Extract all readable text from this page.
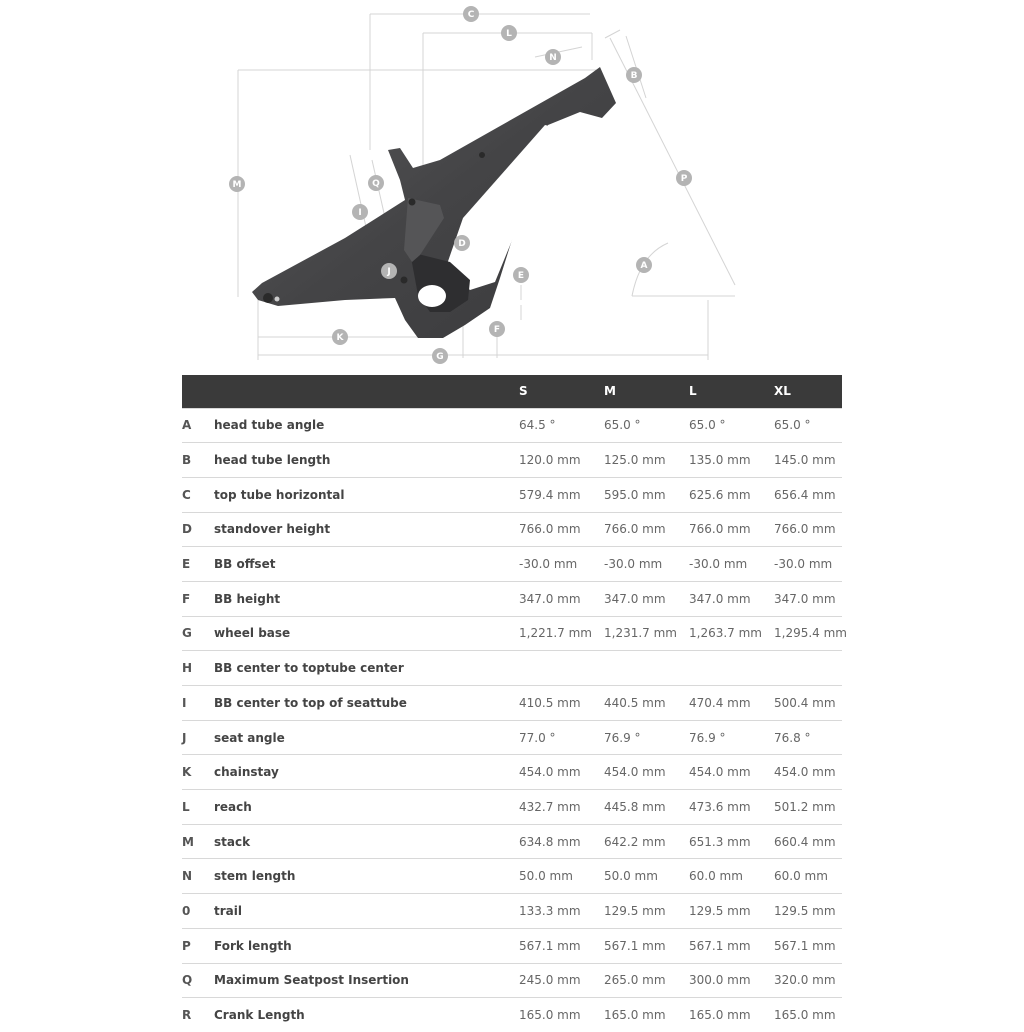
C
L
N
B
M	Q	P
I
D
A
J	E
F
K
G
		S	M	L	XL
A	head tube angle	64.5 °	65.0 °	65.0 °	65.0 °
B	head tube length	120.0 mm	125.0 mm	135.0 mm	145.0 mm
C	top tube horizontal	579.4 mm	595.0 mm	625.6 mm	656.4 mm
D	standover height	766.0 mm	766.0 mm	766.0 mm	766.0 mm
E	BB offset	-30.0 mm	-30.0 mm	-30.0 mm	-30.0 mm
F	BB height	347.0 mm	347.0 mm	347.0 mm	347.0 mm
G	wheel base	1,221.7 mm	1,231.7 mm	1,263.7 mm	1,295.4 mm
H	BB center to toptube center				
I	BB center to top of seattube	410.5 mm	440.5 mm	470.4 mm	500.4 mm
J	seat angle	77.0 °	76.9 °	76.9 °	76.8 °
K	chainstay	454.0 mm	454.0 mm	454.0 mm	454.0 mm
L	reach	432.7 mm	445.8 mm	473.6 mm	501.2 mm
M	stack	634.8 mm	642.2 mm	651.3 mm	660.4 mm
N	stem length	50.0 mm	50.0 mm	60.0 mm	60.0 mm
0	trail	133.3 mm	129.5 mm	129.5 mm	129.5 mm
P	Fork length	567.1 mm	567.1 mm	567.1 mm	567.1 mm
Q	Maximum Seatpost Insertion	245.0 mm	265.0 mm	300.0 mm	320.0 mm
R	Crank Length	165.0 mm	165.0 mm	165.0 mm	165.0 mm
